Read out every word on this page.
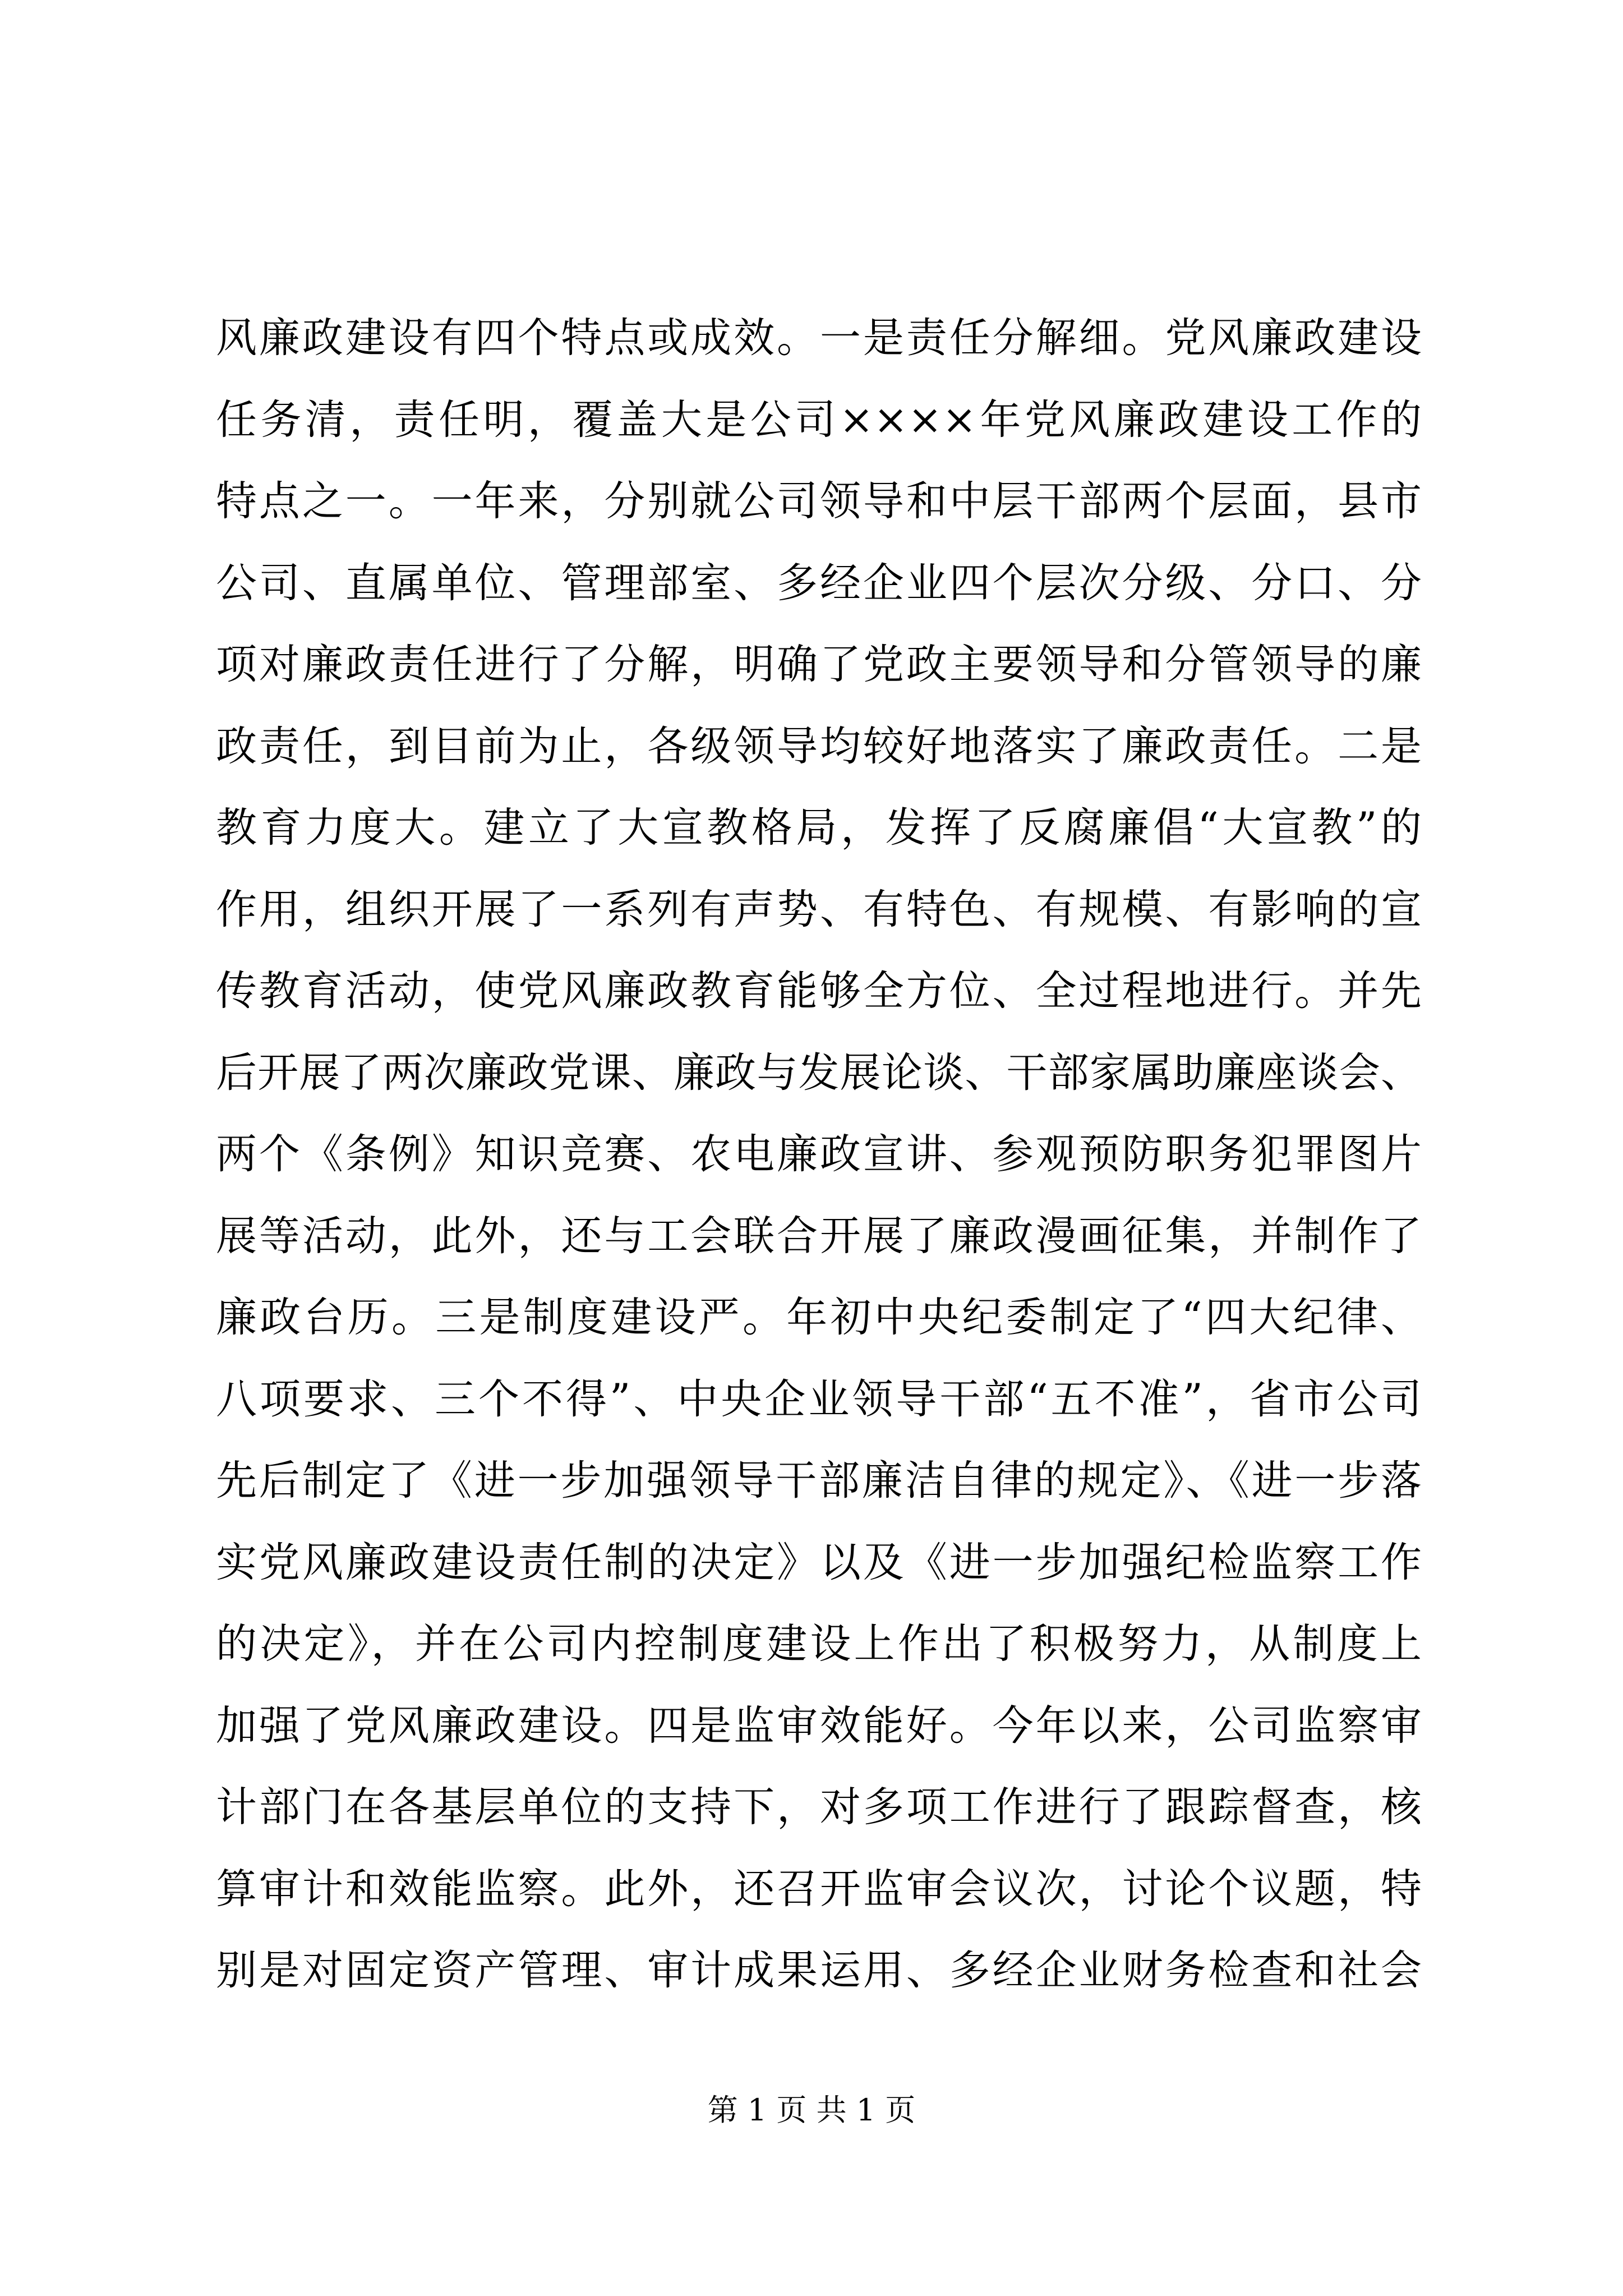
风廉政建设有四个特点或成效。一是责任分解细。党风廉政建设
任务清，责任明，覆盖大是公司××××年党风廉政建设工作的
特点之一。一年来，分别就公司领导和中层干部两个层面，县市
公司、直属单位、管理部室、多经企业四个层次分级、分口、分
项对廉政责任进行了分解，明确了党政主要领导和分管领导的廉
政责任，到目前为止，各级领导均较好地落实了廉政责任。二是
教育力度大。建立了大宣教格局，发挥了反腐廉倡“大宣教”的
作用，组织开展了一系列有声势、有特色、有规模、有影响的宣
传教育活动，使党风廉政教育能够全方位、全过程地进行。并先
后开展了两次廉政党课、廉政与发展论谈、干部家属助廉座谈会、
两个《条例》知识竞赛、农电廉政宣讲、参观预防职务犯罪图片
展等活动，此外，还与工会联合开展了廉政漫画征集，并制作了
廉政台历。三是制度建设严。年初中央纪委制定了“四大纪律、
八项要求、三个不得”、中央企业领导干部“五不准”，省市公司
先后制定了《进一步加强领导干部廉洁自律的规定》、《进一步落
实党风廉政建设责任制的决定》以及《进一步加强纪检监察工作
的决定》，并在公司内控制度建设上作出了积极努力，从制度上
加强了党风廉政建设。四是监审效能好。今年以来，公司监察审
计部门在各基层单位的支持下，对多项工作进行了跟踪督查，核
算审计和效能监察。此外，还召开监审会议次，讨论个议题，特
别是对固定资产管理、审计成果运用、多经企业财务检查和社会
第 1 页 共 1 页
